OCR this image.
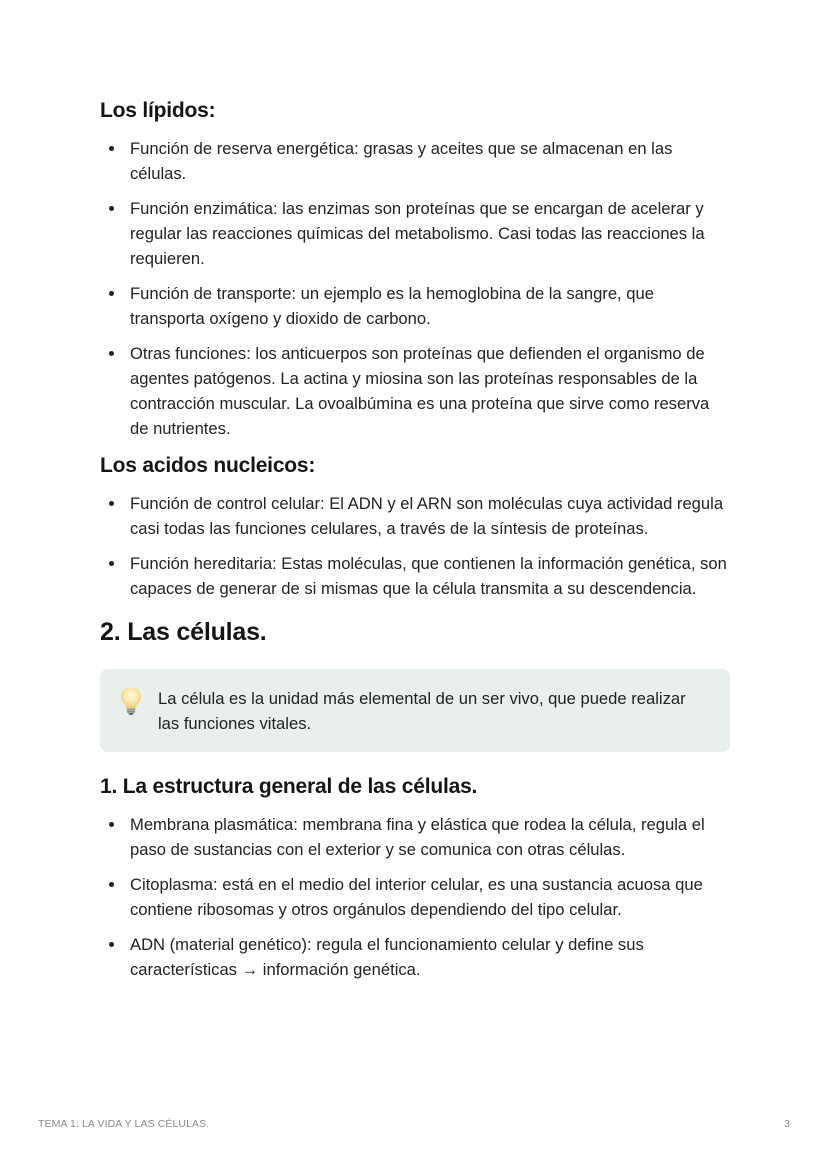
Los lípidos:
Función de reserva energética: grasas y aceites que se almacenan en las células.
Función enzimática: las enzimas son proteínas que se encargan de acelerar y regular las reacciones químicas del metabolismo. Casi todas las reacciones la requieren.
Función de transporte: un ejemplo es la hemoglobina de la sangre, que transporta oxígeno y dioxido de carbono.
Otras funciones: los anticuerpos son proteínas que defienden el organismo de agentes patógenos. La actina y miosina son las proteínas responsables de la contracción muscular. La ovoalbúmina es una proteína que sirve como reserva de nutrientes.
Los acidos nucleicos:
Función de control celular: El ADN y el ARN son moléculas cuya actividad regula casi todas las funciones celulares, a través de la síntesis de proteínas.
Función hereditaria: Estas moléculas, que contienen la información genética, son capaces de generar de si mismas que la célula transmita a su descendencia.
2. Las células.
La célula es la unidad más elemental de un ser vivo, que puede realizar las funciones vitales.
1. La estructura general de las células.
Membrana plasmática: membrana fina y elástica que rodea la célula, regula el paso de sustancias con el exterior y se comunica con otras células.
Citoplasma: está en el medio del interior celular, es una sustancia acuosa que contiene ribosomas y otros orgánulos dependiendo del tipo celular.
ADN (material genético): regula el funcionamiento celular y define sus características → información genética.
TEMA 1: LA VIDA Y LAS CÉLULAS.	3
